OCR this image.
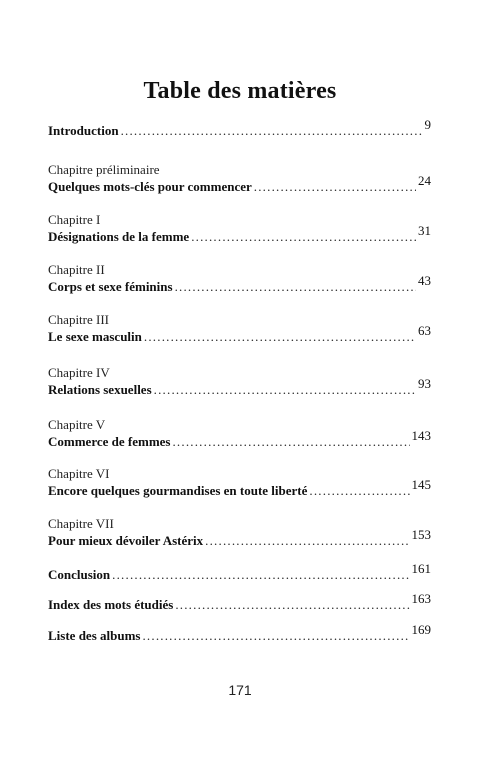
Table des matières
Introduction .....	9
Chapitre préliminaire
Quelques mots-clés pour commencer .....	24
Chapitre I
Désignations de la femme .....	31
Chapitre II
Corps et sexe féminins .....	43
Chapitre III
Le sexe masculin .....	63
Chapitre IV
Relations sexuelles .....	93
Chapitre V
Commerce de femmes .....	143
Chapitre VI
Encore quelques gourmandises en toute liberté .....	145
Chapitre VII
Pour mieux dévoiler Astérix .....	153
Conclusion .....	161
Index des mots étudiés .....	163
Liste des albums .....	169
171
